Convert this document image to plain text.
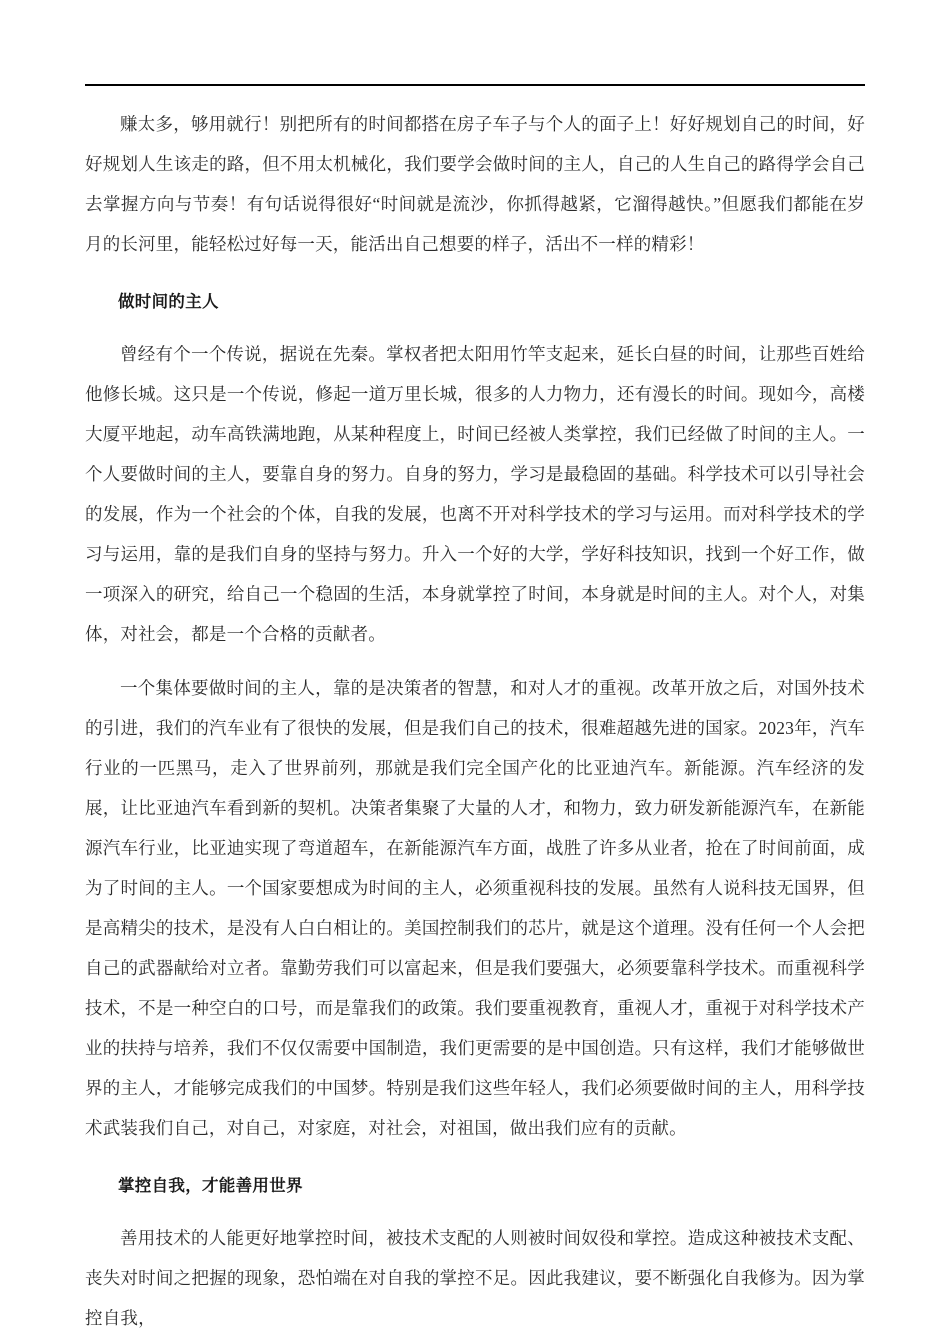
赚太多，够用就行！别把所有的时间都搭在房子车子与个人的面子上！好好规划自己的时间，好好规划人生该走的路，但不用太机械化，我们要学会做时间的主人，自己的人生自己的路得学会自己去掌握方向与节奏！有句话说得很好“时间就是流沙，你抓得越紧，它溜得越快。”但愿我们都能在岁月的长河里，能轻松过好每一天，能活出自己想要的样子，活出不一样的精彩！

做时间的主人

曾经有个一个传说，据说在先秦。掌权者把太阳用竹竿支起来，延长白昼的时间，让那些百姓给他修长城。这只是一个传说，修起一道万里长城，很多的人力物力，还有漫长的时间。现如今，高楼大厦平地起，动车高铁满地跑，从某种程度上，时间已经被人类掌控，我们已经做了时间的主人。一个人要做时间的主人，要靠自身的努力。自身的努力，学习是最稳固的基础。科学技术可以引导社会的发展，作为一个社会的个体，自我的发展，也离不开对科学技术的学习与运用。而对科学技术的学习与运用，靠的是我们自身的坚持与努力。升入一个好的大学，学好科技知识，找到一个好工作，做一项深入的研究，给自己一个稳固的生活，本身就掌控了时间，本身就是时间的主人。对个人，对集体，对社会，都是一个合格的贡献者。

一个集体要做时间的主人，靠的是决策者的智慧，和对人才的重视。改革开放之后，对国外技术的引进，我们的汽车业有了很快的发展，但是我们自己的技术，很难超越先进的国家。2023年，汽车行业的一匹黑马，走入了世界前列，那就是我们完全国产化的比亚迪汽车。新能源。汽车经济的发展，让比亚迪汽车看到新的契机。决策者集聚了大量的人才，和物力，致力研发新能源汽车，在新能源汽车行业，比亚迪实现了弯道超车，在新能源汽车方面，战胜了许多从业者，抢在了时间前面，成为了时间的主人。一个国家要想成为时间的主人，必须重视科技的发展。虽然有人说科技无国界，但是高精尖的技术，是没有人白白相让的。美国控制我们的芯片，就是这个道理。没有任何一个人会把自己的武器献给对立者。靠勤劳我们可以富起来，但是我们要强大，必须要靠科学技术。而重视科学技术，不是一种空白的口号，而是靠我们的政策。我们要重视教育，重视人才，重视于对科学技术产业的扶持与培养，我们不仅仅需要中国制造，我们更需要的是中国创造。只有这样，我们才能够做世界的主人，才能够完成我们的中国梦。特别是我们这些年轻人，我们必须要做时间的主人，用科学技术武装我们自己，对自己，对家庭，对社会，对祖国，做出我们应有的贡献。

掌控自我，才能善用世界

善用技术的人能更好地掌控时间，被技术支配的人则被时间奴役和掌控。造成这种被技术支配、丧失对时间之把握的现象，恐怕端在对自我的掌控不足。因此我建议，要不断强化自我修为。因为掌控自我，
